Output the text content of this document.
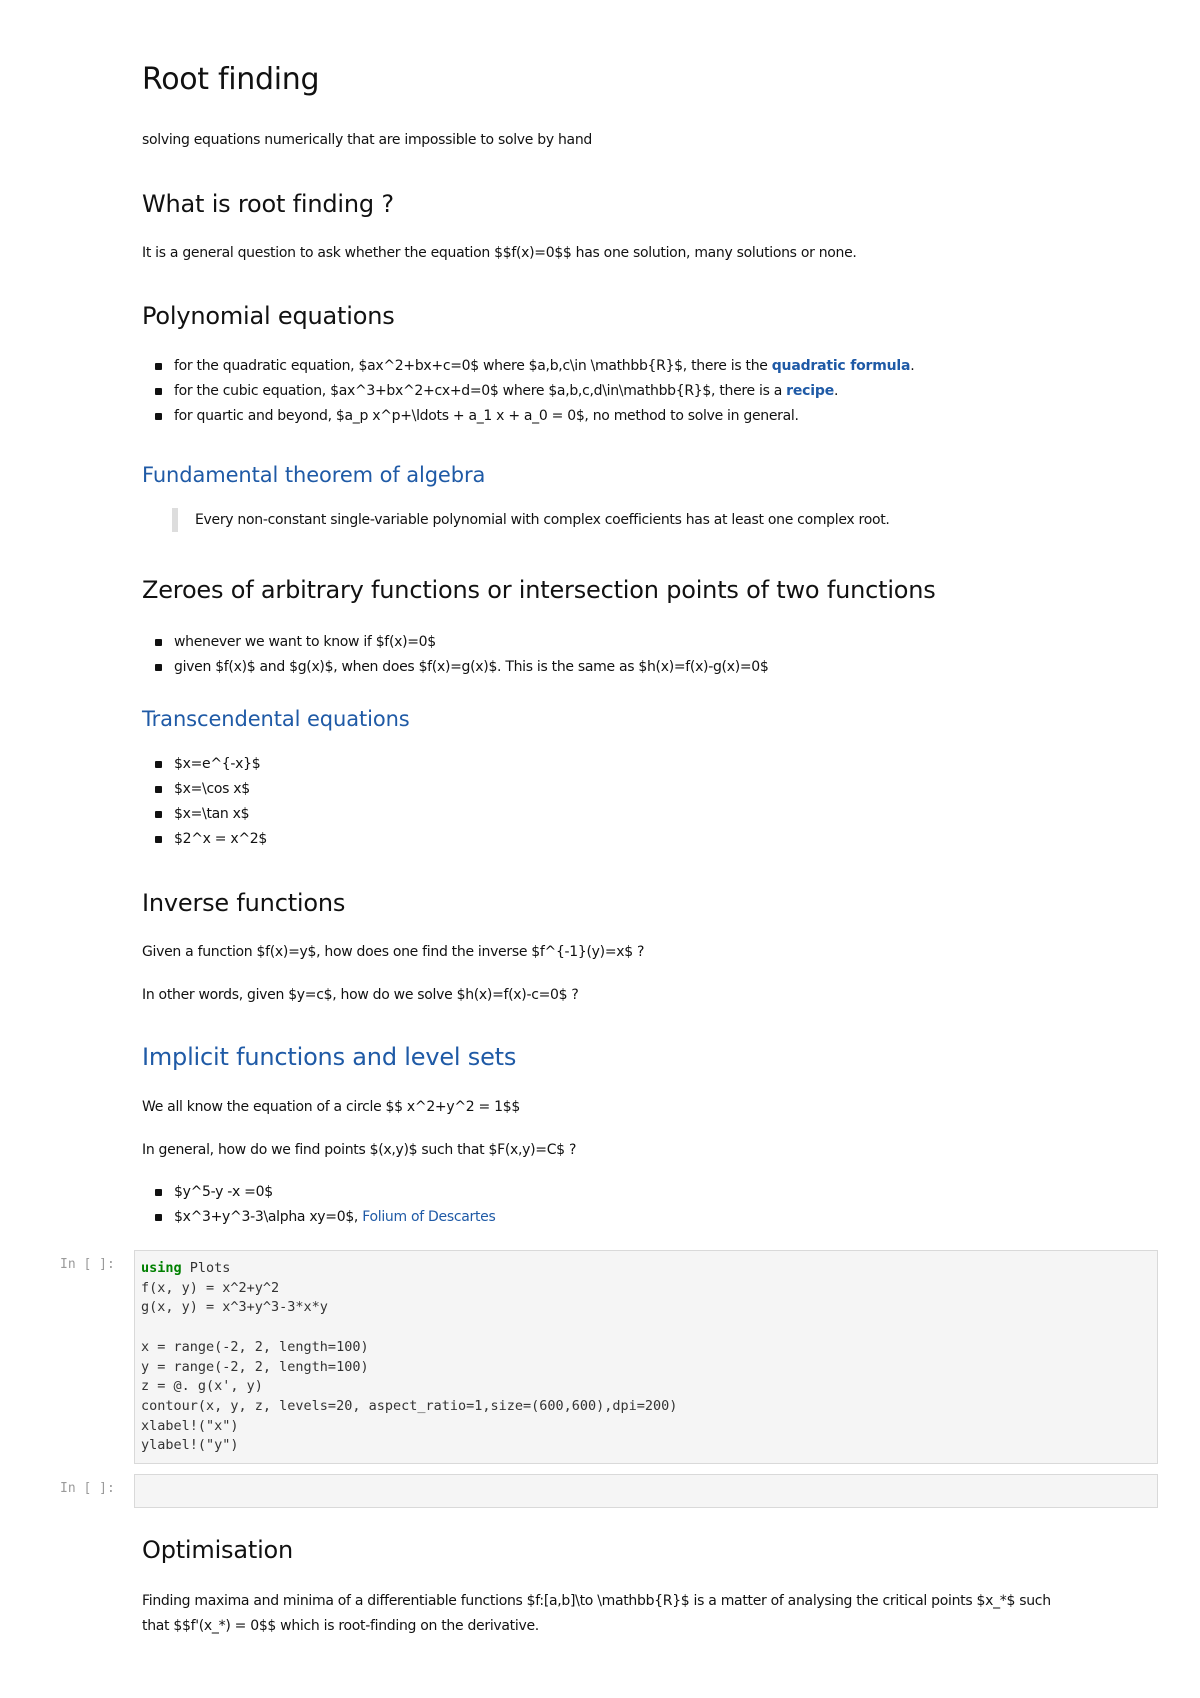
Root finding

solving equations numerically that are impossible to solve by hand

What is root finding ?

It is a general question to ask whether the equation $$f(x)=0$$ has one solution, many solutions or none.

Polynomial equations
for the quadratic equation, $ax^2+bx+c=0$ where $a,b,c\in \mathbb{R}$, there is the quadratic formula.
for the cubic equation, $ax^3+bx^2+cx+d=0$ where $a,b,c,d\in\mathbb{R}$, there is a recipe.
for quartic and beyond, $a_p x^p+\ldots + a_1 x + a_0 = 0$, no method to solve in general.
Fundamental theorem of algebra
Every non-constant single-variable polynomial with complex coefficients has at least one complex root.
Zeroes of arbitrary functions or intersection points of two functions
whenever we want to know if $f(x)=0$
given $f(x)$ and $g(x)$, when does $f(x)=g(x)$. This is the same as $h(x)=f(x)-g(x)=0$
Transcendental equations
$x=e^{-x}$
$x=\cos x$
$x=\tan x$
$2^x = x^2$
Inverse functions

Given a function $f(x)=y$, how does one find the inverse $f^{-1}(y)=x$ ?

In other words, given $y=c$, how do we solve $h(x)=f(x)-c=0$ ?

Implicit functions and level sets

We all know the equation of a circle $$ x^2+y^2 = 1$$

In general, how do we find points $(x,y)$ such that $F(x,y)=C$ ?

$y^5-y -x =0$
$x^3+y^3-3\alpha xy=0$, Folium of Descartes
In [ ]:	using Plots
f(x, y) = x^2+y^2
g(x, y) = x^3+y^3-3*x*y

x = range(-2, 2, length=100)
y = range(-2, 2, length=100)
z = @. g(x', y)
contour(x, y, z, levels=20, aspect_ratio=1,size=(600,600),dpi=200)
xlabel!("x")
ylabel!("y")
In [ ]:
Optimisation

Finding maxima and minima of a differentiable functions $f:[a,b]\to \mathbb{R}$ is a matter of analysing the critical points $x_*$ such

that $$f'(x_*) = 0$$ which is root-finding on the derivative.
